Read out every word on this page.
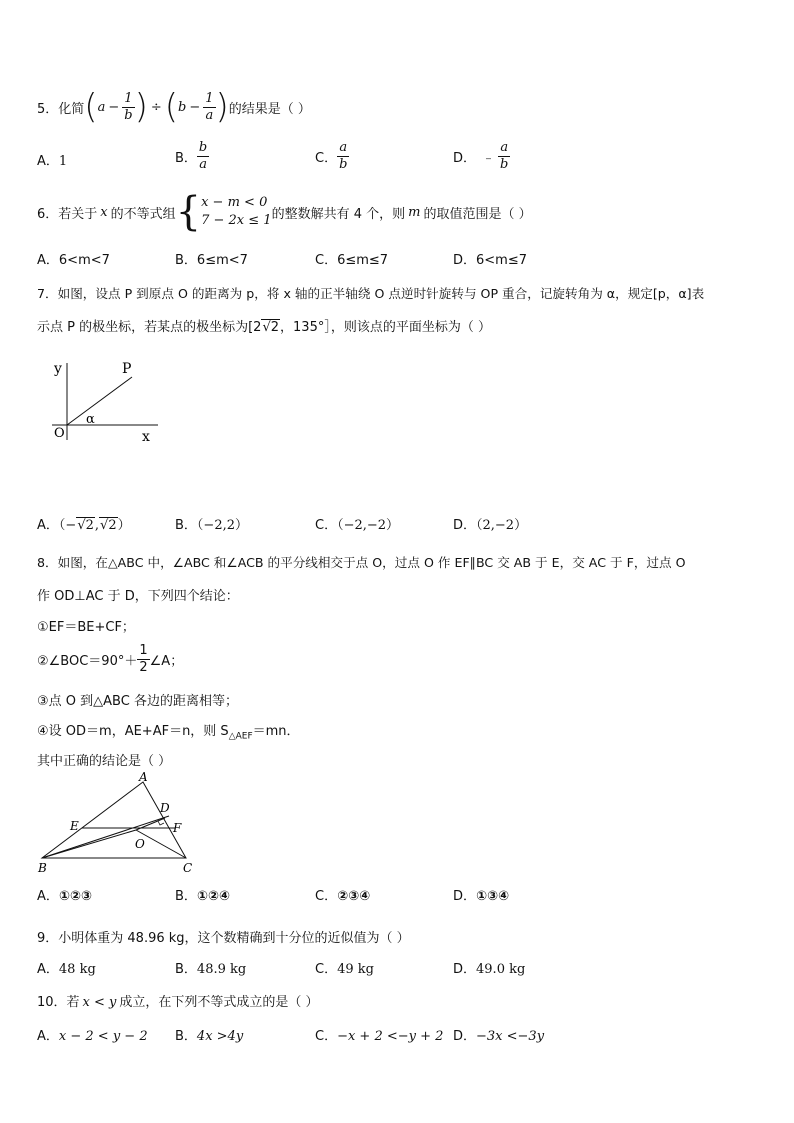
5． 化简 ( $a - \frac{1}{b}$ ) ÷ ( $b - \frac{1}{a}$ ) 的结果是（ ）
A．1	B． $\frac{b}{a}$	C． $\frac{a}{b}$	D． ﹣ $\frac{a}{b}$
6．若关于 x 的不等式组 { x − m < 0
7 − 2x ≤ 1 的整数解共有 4 个，则 m 的取值范围是（ ）
A．6<m<7	B．6≤m<7	C．6≤m≤7	D．6<m≤7
7．如图，设点 P 到原点 O 的距离为 p，将 x 轴的正半轴绕 O 点逆时针旋转与 OP 重合，记旋转角为 α，规定[p，α]表
示点 P 的极坐标，若某点的极坐标为[2√2，135°］，则该点的平面坐标为（ ）
y	P
O
α
x
A．（−√2,√2）	B．（−2,2）	C．（−2,−2）	D．（2,−2）
8．如图，在△ABC 中，∠ABC 和∠ACB 的平分线相交于点 O，过点 O 作 EF∥BC 交 AB 于 E，交 AC 于 F，过点 O
作 OD⊥AC 于 D，下列四个结论：
①EF＝BE+CF；
②∠BOC＝90°＋ $\frac{1}{2}$ ∠A；
③点 O 到△ABC 各边的距离相等；
④设 OD＝m，AE+AF＝n，则 $S_{\triangle AEF}=mn$．
其中正确的结论是（ ）
A
B	C
D
E	F
O
A．①②③	B．①②④	C．②③④	D．①③④
9．小明体重为 48.96 kg，这个数精确到十分位的近似值为（ ）
A．48 kg	B．48.9 kg	C．49 kg	D．49.0 kg
10．若 x < y 成立，在下列不等式成立的是（ ）
A．x − 2 < y − 2 B．4x >4y	C．−x + 2 <−y + 2 D．−3x <−3y
